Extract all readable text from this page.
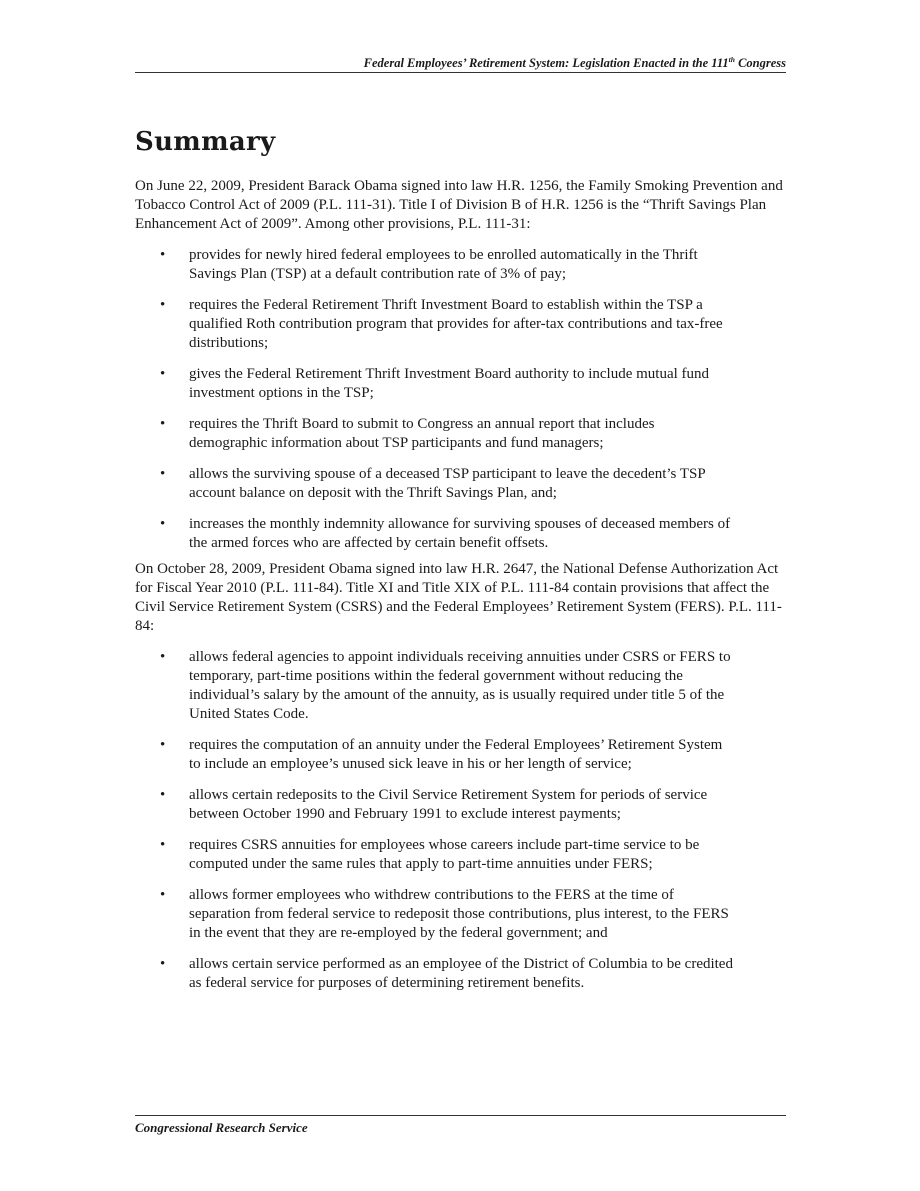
Federal Employees’ Retirement System: Legislation Enacted in the 111th Congress
Summary

On June 22, 2009, President Barack Obama signed into law H.R. 1256, the Family Smoking Prevention and Tobacco Control Act of 2009 (P.L. 111-31). Title I of Division B of H.R. 1256 is the “Thrift Savings Plan Enhancement Act of 2009”. Among other provisions, P.L. 111-31:

• provides for newly hired federal employees to be enrolled automatically in the Thrift Savings Plan (TSP) at a default contribution rate of 3% of pay;
• requires the Federal Retirement Thrift Investment Board to establish within the TSP a qualified Roth contribution program that provides for after-tax contributions and tax-free distributions;
• gives the Federal Retirement Thrift Investment Board authority to include mutual fund investment options in the TSP;
• requires the Thrift Board to submit to Congress an annual report that includes demographic information about TSP participants and fund managers;
• allows the surviving spouse of a deceased TSP participant to leave the decedent’s TSP account balance on deposit with the Thrift Savings Plan, and;
• increases the monthly indemnity allowance for surviving spouses of deceased members of the armed forces who are affected by certain benefit offsets.

On October 28, 2009, President Obama signed into law H.R. 2647, the National Defense Authorization Act for Fiscal Year 2010 (P.L. 111-84). Title XI and Title XIX of P.L. 111-84 contain provisions that affect the Civil Service Retirement System (CSRS) and the Federal Employees’ Retirement System (FERS). P.L. 111-84:

• allows federal agencies to appoint individuals receiving annuities under CSRS or FERS to temporary, part-time positions within the federal government without reducing the individual’s salary by the amount of the annuity, as is usually required under title 5 of the United States Code.
• requires the computation of an annuity under the Federal Employees’ Retirement System to include an employee’s unused sick leave in his or her length of service;
• allows certain redeposits to the Civil Service Retirement System for periods of service between October 1990 and February 1991 to exclude interest payments;
• requires CSRS annuities for employees whose careers include part-time service to be computed under the same rules that apply to part-time annuities under FERS;
• allows former employees who withdrew contributions to the FERS at the time of separation from federal service to redeposit those contributions, plus interest, to the FERS in the event that they are re-employed by the federal government; and
• allows certain service performed as an employee of the District of Columbia to be credited as federal service for purposes of determining retirement benefits.
Congressional Research Service
